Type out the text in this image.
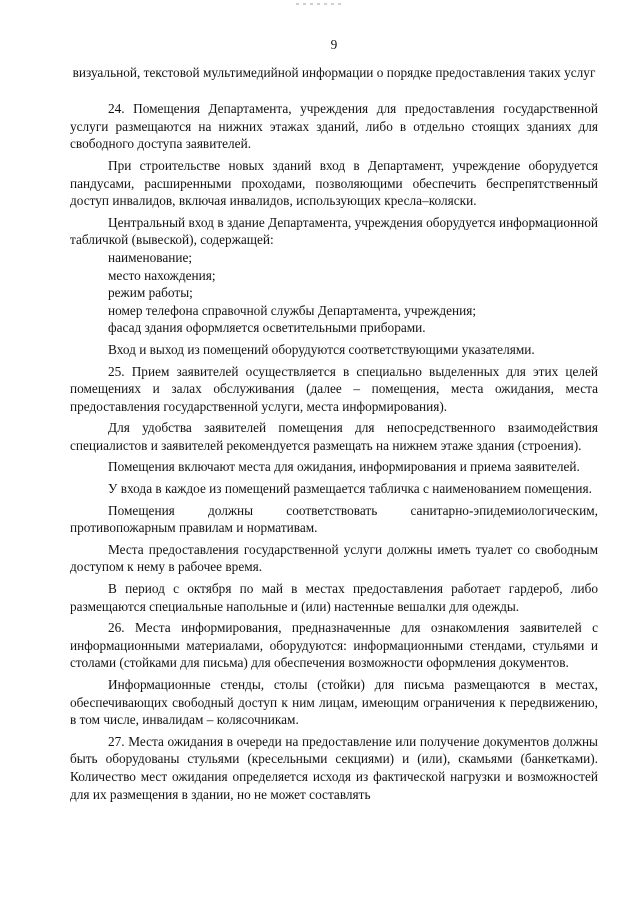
9
визуальной, текстовой мультимедийной информации о порядке предоставления таких услуг

24. Помещения Департамента, учреждения для предоставления государственной услуги размещаются на нижних этажах зданий, либо в отдельно стоящих зданиях для свободного доступа заявителей.

При строительстве новых зданий вход в Департамент, учреждение оборудуется пандусами, расширенными проходами, позволяющими обеспечить беспрепятственный доступ инвалидов, включая инвалидов, использующих кресла–коляски.

Центральный вход в здание Департамента, учреждения оборудуется информационной табличкой (вывеской), содержащей:

наименование;

место нахождения;

режим работы;

номер телефона справочной службы Департамента, учреждения;

фасад здания оформляется осветительными приборами.

Вход и выход из помещений оборудуются соответствующими указателями.

25. Прием заявителей осуществляется в специально выделенных для этих целей помещениях и залах обслуживания (далее – помещения, места ожидания, места предоставления государственной услуги, места информирования).

Для удобства заявителей помещения для непосредственного взаимодействия специалистов и заявителей рекомендуется размещать на нижнем этаже здания (строения).

Помещения включают места для ожидания, информирования и приема заявителей.

У входа в каждое из помещений размещается табличка с наименованием помещения.

Помещения должны соответствовать санитарно-эпидемиологическим, противопожарным правилам и нормативам.

Места предоставления государственной услуги должны иметь туалет со свободным доступом к нему в рабочее время.

В период с октября по май в местах предоставления работает гардероб, либо размещаются специальные напольные и (или) настенные вешалки для одежды.

26. Места информирования, предназначенные для ознакомления заявителей с информационными материалами, оборудуются: информационными стендами, стульями и столами (стойками для письма) для обеспечения возможности оформления документов.

Информационные стенды, столы (стойки) для письма размещаются в местах, обеспечивающих свободный доступ к ним лицам, имеющим ограничения к передвижению, в том числе, инвалидам – колясочникам.

27. Места ожидания в очереди на предоставление или получение документов должны быть оборудованы стульями (кресельными секциями) и (или), скамьями (банкетками). Количество мест ожидания определяется исходя из фактической нагрузки и возможностей для их размещения в здании, но не может составлять
